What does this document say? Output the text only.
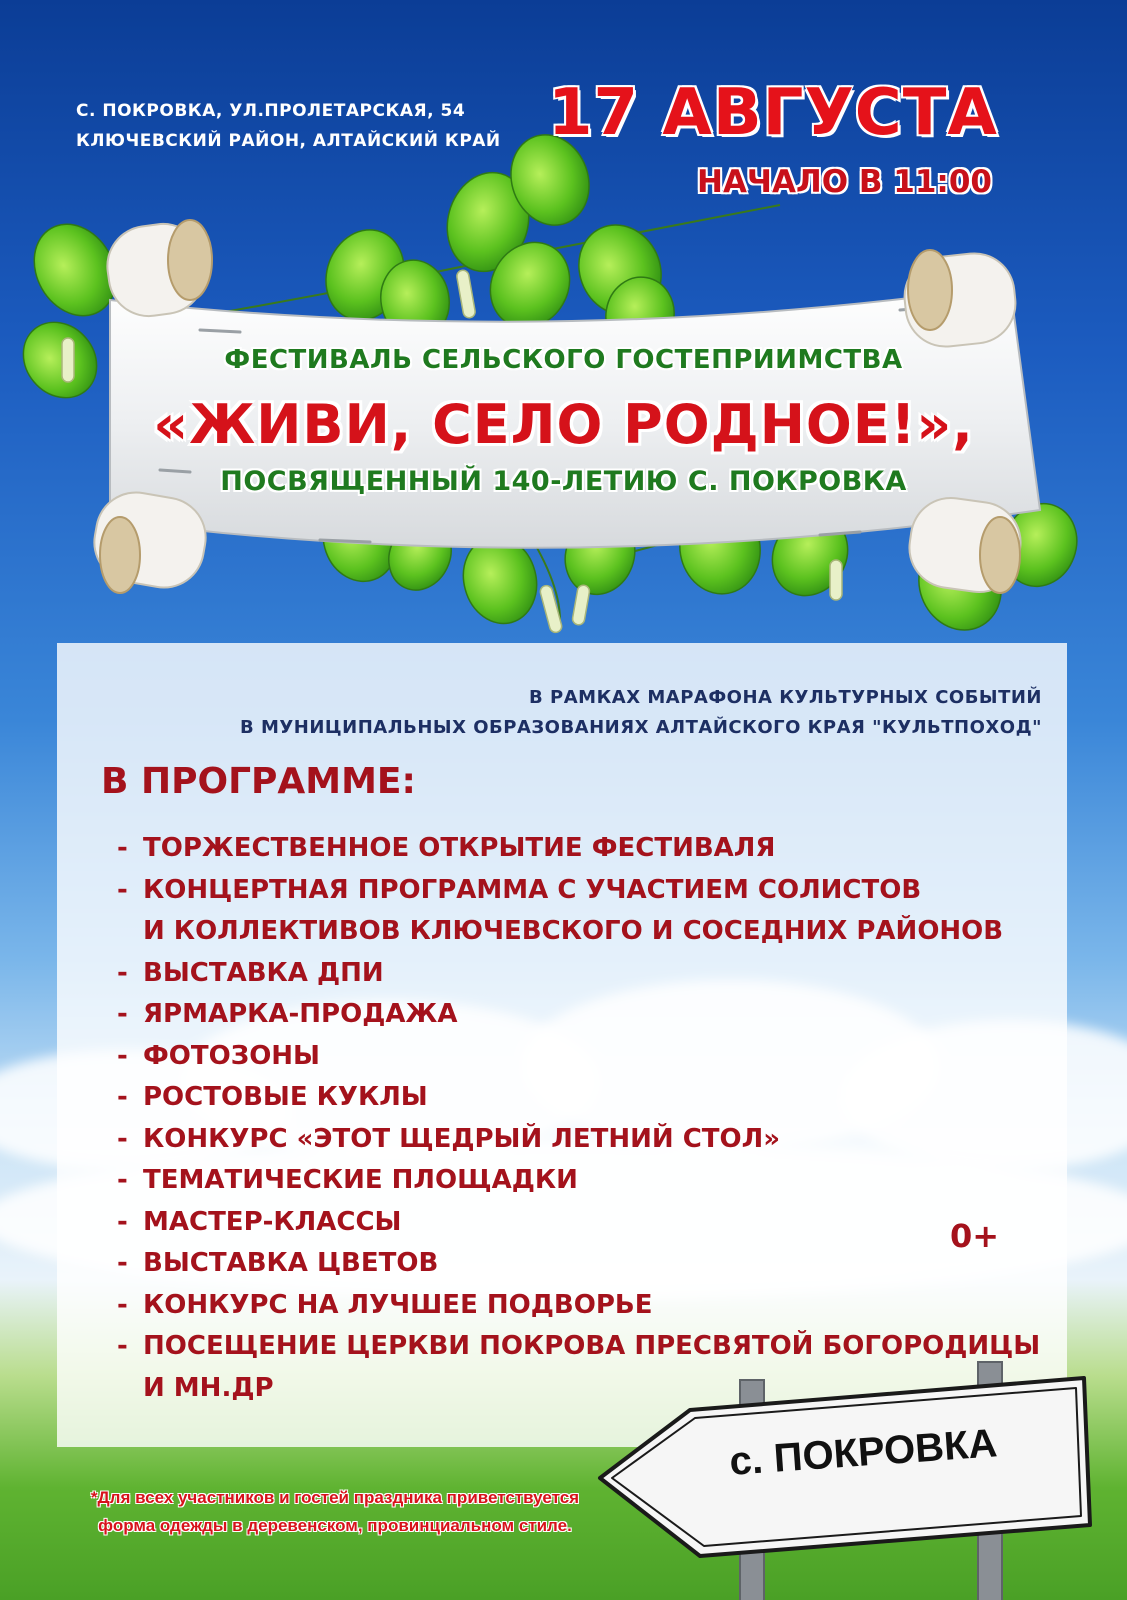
С. ПОКРОВКА, УЛ.ПРОЛЕТАРСКАЯ, 54
КЛЮЧЕВСКИЙ РАЙОН, АЛТАЙСКИЙ КРАЙ 17 АВГУСТА
НАЧАЛО В 11:00
ФЕСТИВАЛЬ СЕЛЬСКОГО ГОСТЕПРИИМСТВА
«ЖИВИ, СЕЛО РОДНОЕ!»,
ПОСВЯЩЕННЫЙ 140-ЛЕТИЮ С. ПОКРОВКА
В РАМКАХ МАРАФОНА КУЛЬТУРНЫХ СОБЫТИЙ
В МУНИЦИПАЛЬНЫХ ОБРАЗОВАНИЯХ АЛТАЙСКОГО КРАЯ "КУЛЬТПОХОД"
В ПРОГРАММЕ:
- ТОРЖЕСТВЕННОЕ ОТКРЫТИЕ ФЕСТИВАЛЯ
- КОНЦЕРТНАЯ ПРОГРАММА С УЧАСТИЕМ СОЛИСТОВ
И КОЛЛЕКТИВОВ КЛЮЧЕВСКОГО И СОСЕДНИХ РАЙОНОВ
- ВЫСТАВКА ДПИ
- ЯРМАРКА-ПРОДАЖА
- ФОТОЗОНЫ
- РОСТОВЫЕ КУКЛЫ
- КОНКУРС «ЭТОТ ЩЕДРЫЙ ЛЕТНИЙ СТОЛ»
- ТЕМАТИЧЕСКИЕ ПЛОЩАДКИ
- МАСТЕР-КЛАССЫ
- ВЫСТАВКА ЦВЕТОВ
- КОНКУРС НА ЛУЧШЕЕ ПОДВОРЬЕ
- ПОСЕЩЕНИЕ ЦЕРКВИ ПОКРОВА ПРЕСВЯТОЙ БОГОРОДИЦЫ
И МН.ДР
0+
с. ПОКРОВКА
*Для всех участников и гостей праздника приветствуется
форма одежды в деревенском, провинциальном стиле.
